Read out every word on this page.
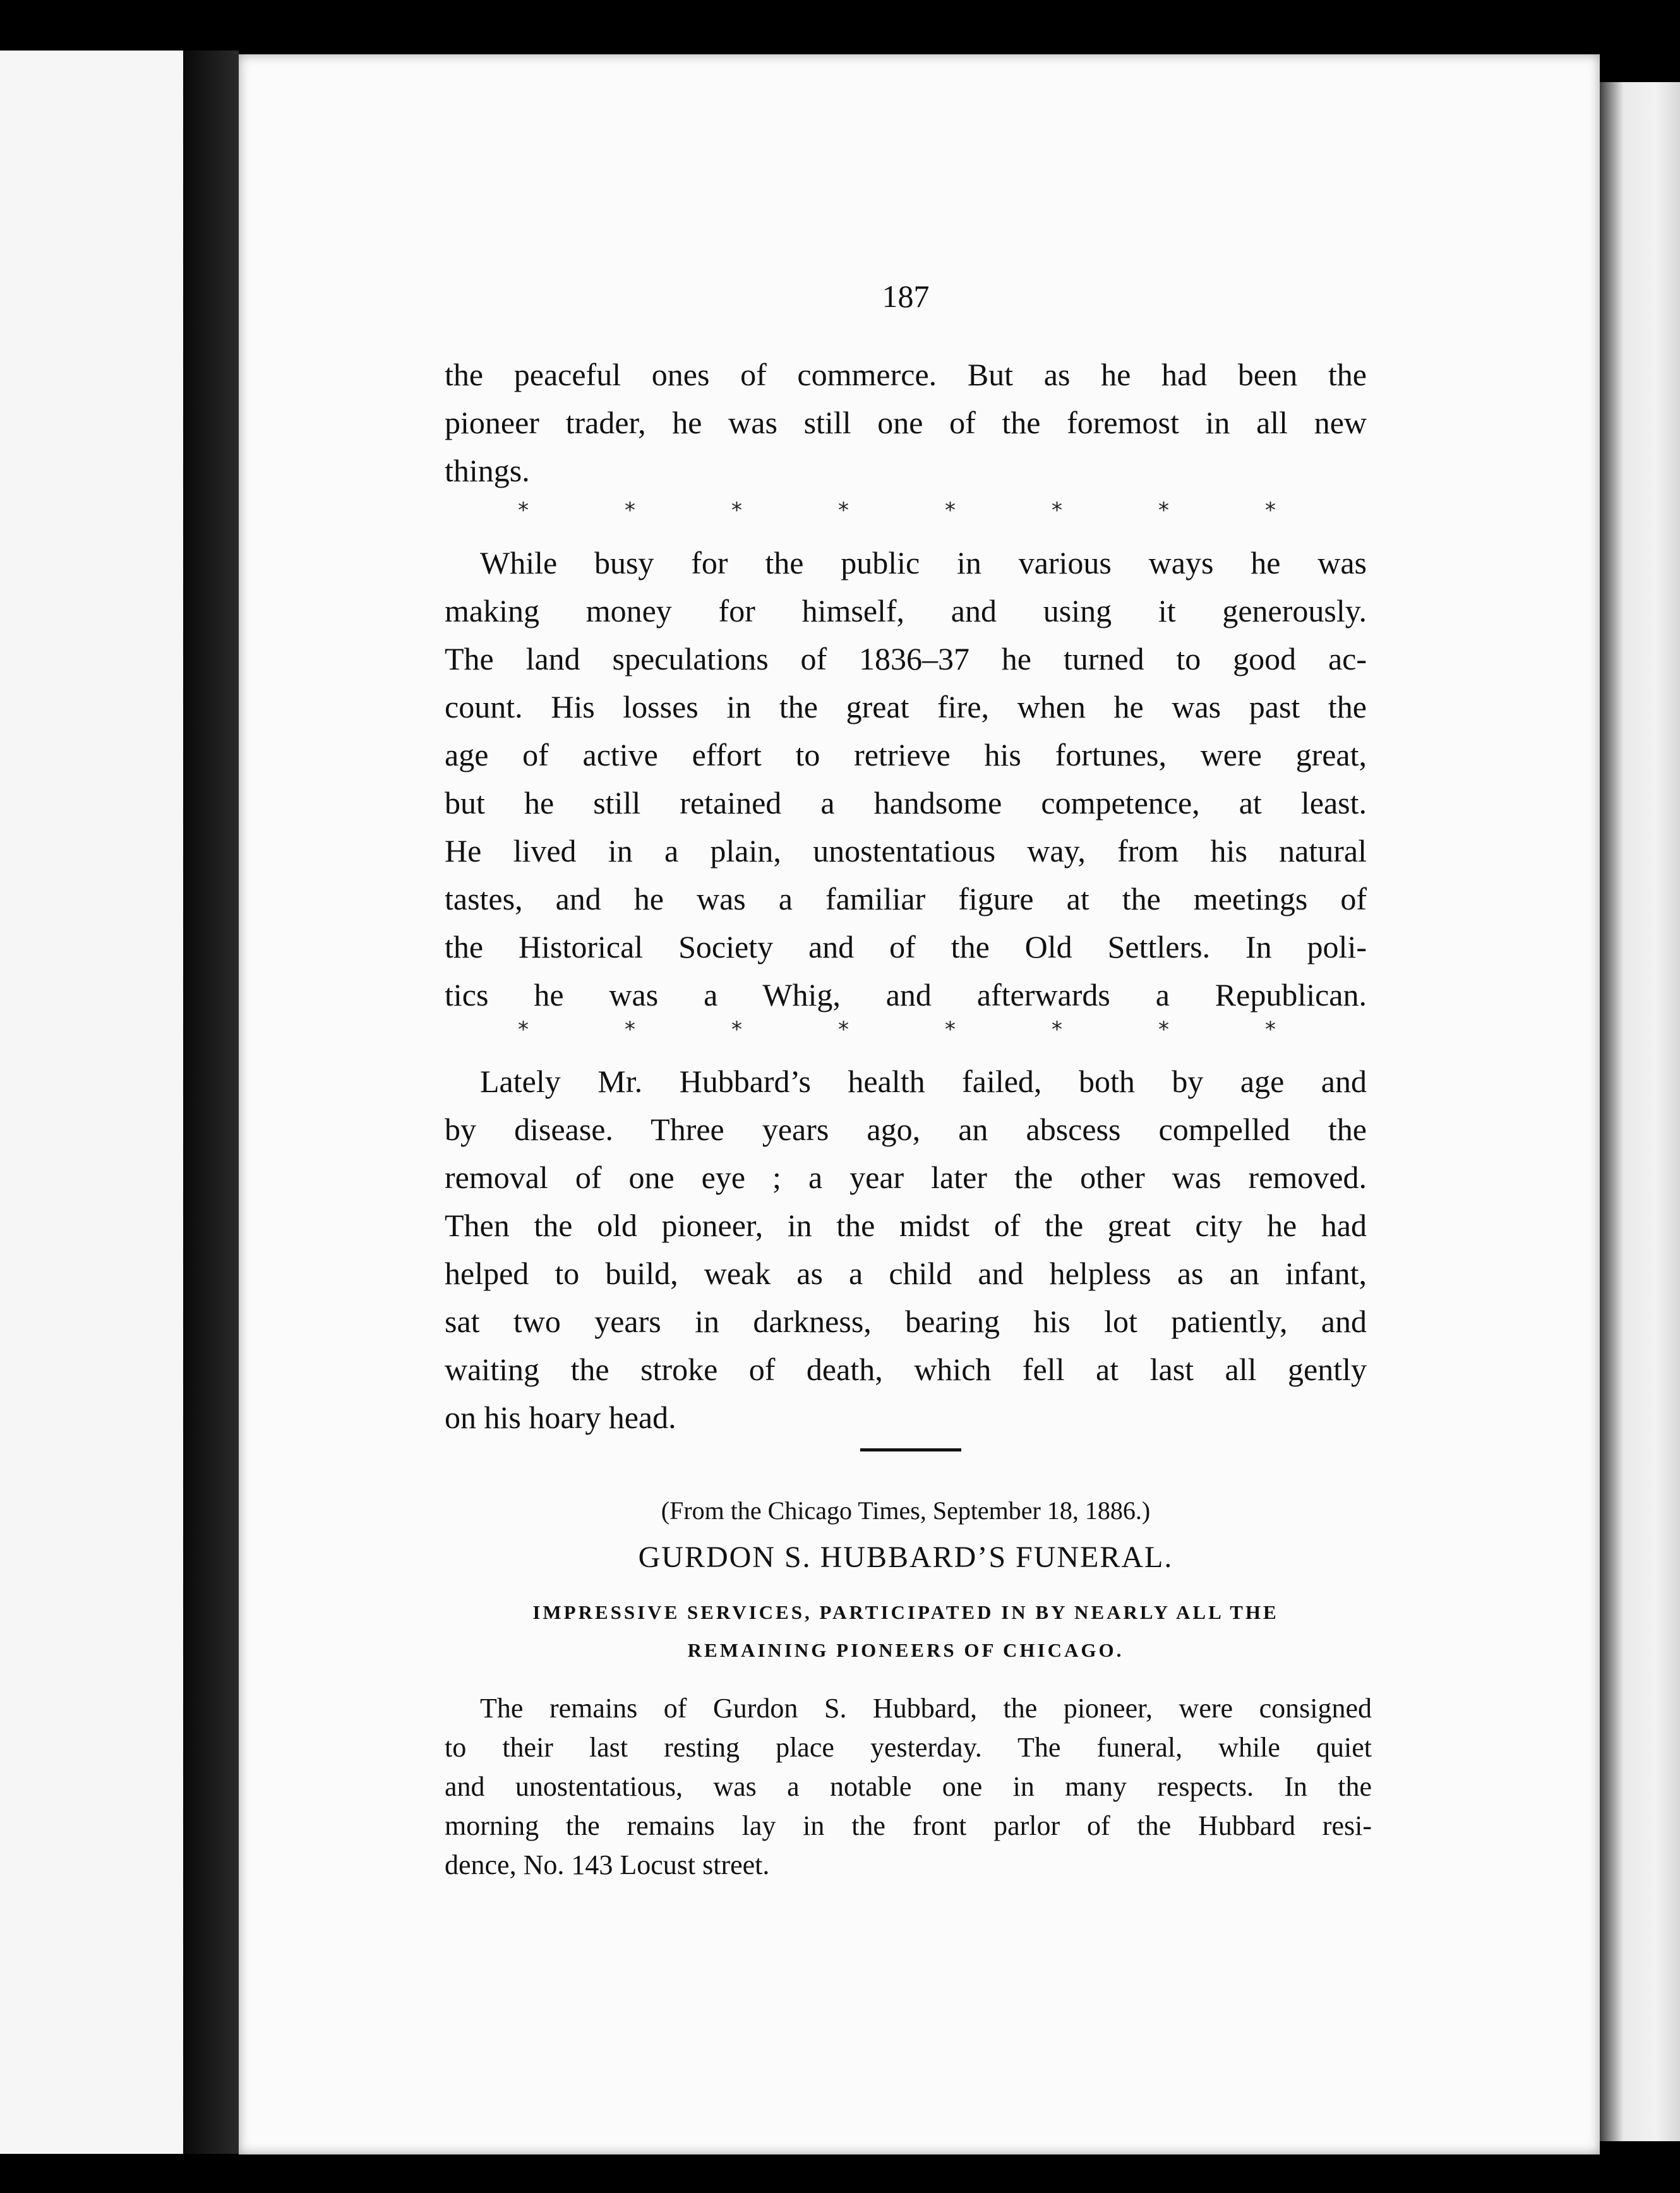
187

the peaceful ones of commerce. But as he had been the

pioneer trader, he was still one of the foremost in all new

things.

*	*	*	*	*	*	*	*

While busy for the public in various ways he was

making money for himself, and using it generously.

The land speculations of 1836–37 he turned to good ac-

count. His losses in the great fire, when he was past the

age of active effort to retrieve his fortunes, were great,

but he still retained a handsome competence, at least.

He lived in a plain, unostentatious way, from his natural

tastes, and he was a familiar figure at the meetings of

the Historical Society and of the Old Settlers. In poli-

tics he was a Whig, and afterwards a Republican.

*	*	*	*	*	*	*	*

Lately Mr. Hubbard’s health failed, both by age and

by disease. Three years ago, an abscess compelled the

removal of one eye ; a year later the other was removed.

Then the old pioneer, in the midst of the great city he had

helped to build, weak as a child and helpless as an infant,

sat two years in darkness, bearing his lot patiently, and

waiting the stroke of death, which fell at last all gently

on his hoary head.

(From the Chicago Times, September 18, 1886.)

GURDON S. HUBBARD’S FUNERAL.

IMPRESSIVE SERVICES, PARTICIPATED IN BY NEARLY ALL THE

REMAINING PIONEERS OF CHICAGO.

The remains of Gurdon S. Hubbard, the pioneer, were consigned

to their last resting place yesterday. The funeral, while quiet

and unostentatious, was a notable one in many respects. In the

morning the remains lay in the front parlor of the Hubbard resi-

dence, No. 143 Locust street.
